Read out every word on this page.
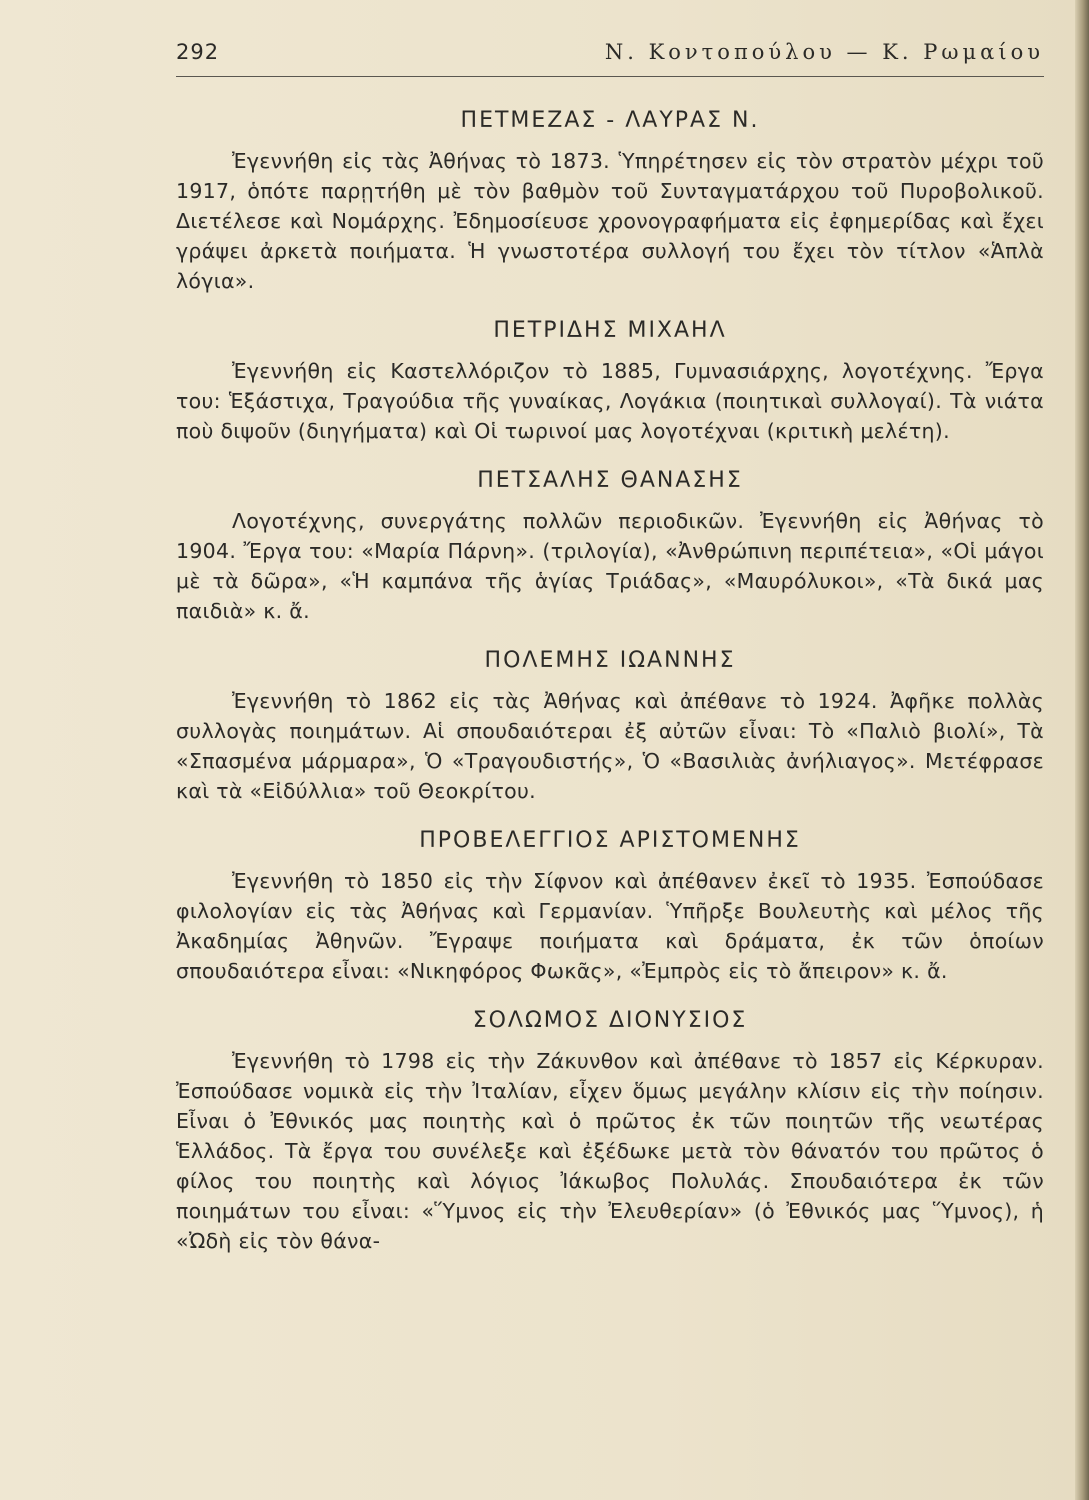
292	Ν. Κοντοπούλου — Κ. Ρωμαίου
ΠΕΤΜΕΖΑΣ - ΛΑΥΡΑΣ Ν.

Ἐγεννήθη εἰς τὰς Ἀθήνας τὸ 1873. Ὑπηρέτησεν εἰς τὸν στρατὸν μέχρι τοῦ 1917, ὁπότε παρῃτήθη μὲ τὸν βαθμὸν τοῦ Συνταγματάρχου τοῦ Πυροβολικοῦ. Διετέλεσε καὶ Νομάρχης. Ἐδημοσίευσε χρονογραφήματα εἰς ἐφημερίδας καὶ ἔχει γράψει ἀρκετὰ ποιήματα. Ἡ γνωστοτέρα συλλογή του ἔχει τὸν τίτλον «Ἁπλὰ λόγια».

ΠΕΤΡΙΔΗΣ ΜΙΧΑΗΛ

Ἐγεννήθη εἰς Καστελλόριζον τὸ 1885, Γυμνασιάρχης, λογοτέχνης. Ἔργα του: Ἑξάστιχα, Τραγούδια τῆς γυναίκας, Λογάκια (ποιητικαὶ συλλογαί). Τὰ νιάτα ποὺ διψοῦν (διηγήματα) καὶ Οἱ τωρινοί μας λογοτέχναι (κριτικὴ μελέτη).

ΠΕΤΣΑΛΗΣ ΘΑΝΑΣΗΣ

Λογοτέχνης, συνεργάτης πολλῶν περιοδικῶν. Ἐγεννήθη εἰς Ἀθήνας τὸ 1904. Ἔργα του: «Μαρία Πάρνη». (τριλογία), «Ἀνθρώπινη περιπέτεια», «Οἱ μάγοι μὲ τὰ δῶρα», «Ἡ καμπάνα τῆς ἁγίας Τριάδας», «Μαυρόλυκοι», «Τὰ δικά μας παιδιὰ» κ. ἄ.

ΠΟΛΕΜΗΣ ΙΩΑΝΝΗΣ

Ἐγεννήθη τὸ 1862 εἰς τὰς Ἀθήνας καὶ ἀπέθανε τὸ 1924. Ἀφῆκε πολλὰς συλλογὰς ποιημάτων. Αἱ σπουδαιότεραι ἐξ αὐτῶν εἶναι: Τὸ «Παλιὸ βιολί», Τὰ «Σπασμένα μάρμαρα», Ὁ «Τραγουδιστής», Ὁ «Βασιλιὰς ἀνήλιαγος». Μετέφρασε καὶ τὰ «Εἰδύλλια» τοῦ Θεοκρίτου.

ΠΡΟΒΕΛΕΓΓΙΟΣ ΑΡΙΣΤΟΜΕΝΗΣ

Ἐγεννήθη τὸ 1850 εἰς τὴν Σίφνον καὶ ἀπέθανεν ἐκεῖ τὸ 1935. Ἐσπούδασε φιλολογίαν εἰς τὰς Ἀθήνας καὶ Γερμανίαν. Ὑπῆρξε Βουλευτὴς καὶ μέλος τῆς Ἀκαδημίας Ἀθηνῶν. Ἔγραψε ποιήματα καὶ δράματα, ἐκ τῶν ὁποίων σπουδαιότερα εἶναι: «Νικηφόρος Φωκᾶς», «Ἐμπρὸς εἰς τὸ ἄπειρον» κ. ἄ.

ΣΟΛΩΜΟΣ ΔΙΟΝΥΣΙΟΣ

Ἐγεννήθη τὸ 1798 εἰς τὴν Ζάκυνθον καὶ ἀπέθανε τὸ 1857 εἰς Κέρκυραν. Ἐσπούδασε νομικὰ εἰς τὴν Ἰταλίαν, εἶχεν ὅμως μεγάλην κλίσιν εἰς τὴν ποίησιν. Εἶναι ὁ Ἐθνικός μας ποιητὴς καὶ ὁ πρῶτος ἐκ τῶν ποιητῶν τῆς νεωτέρας Ἑλλάδος. Τὰ ἔργα του συνέλεξε καὶ ἐξέδωκε μετὰ τὸν θάνατόν του πρῶτος ὁ φίλος του ποιητὴς καὶ λόγιος Ἰάκωβος Πολυλάς. Σπουδαιότερα ἐκ τῶν ποιημάτων του εἶναι: «Ὕμνος εἰς τὴν Ἐλευθερίαν» (ὁ Ἐθνικός μας Ὕμνος), ἡ «Ὠδὴ εἰς τὸν θάνα-
